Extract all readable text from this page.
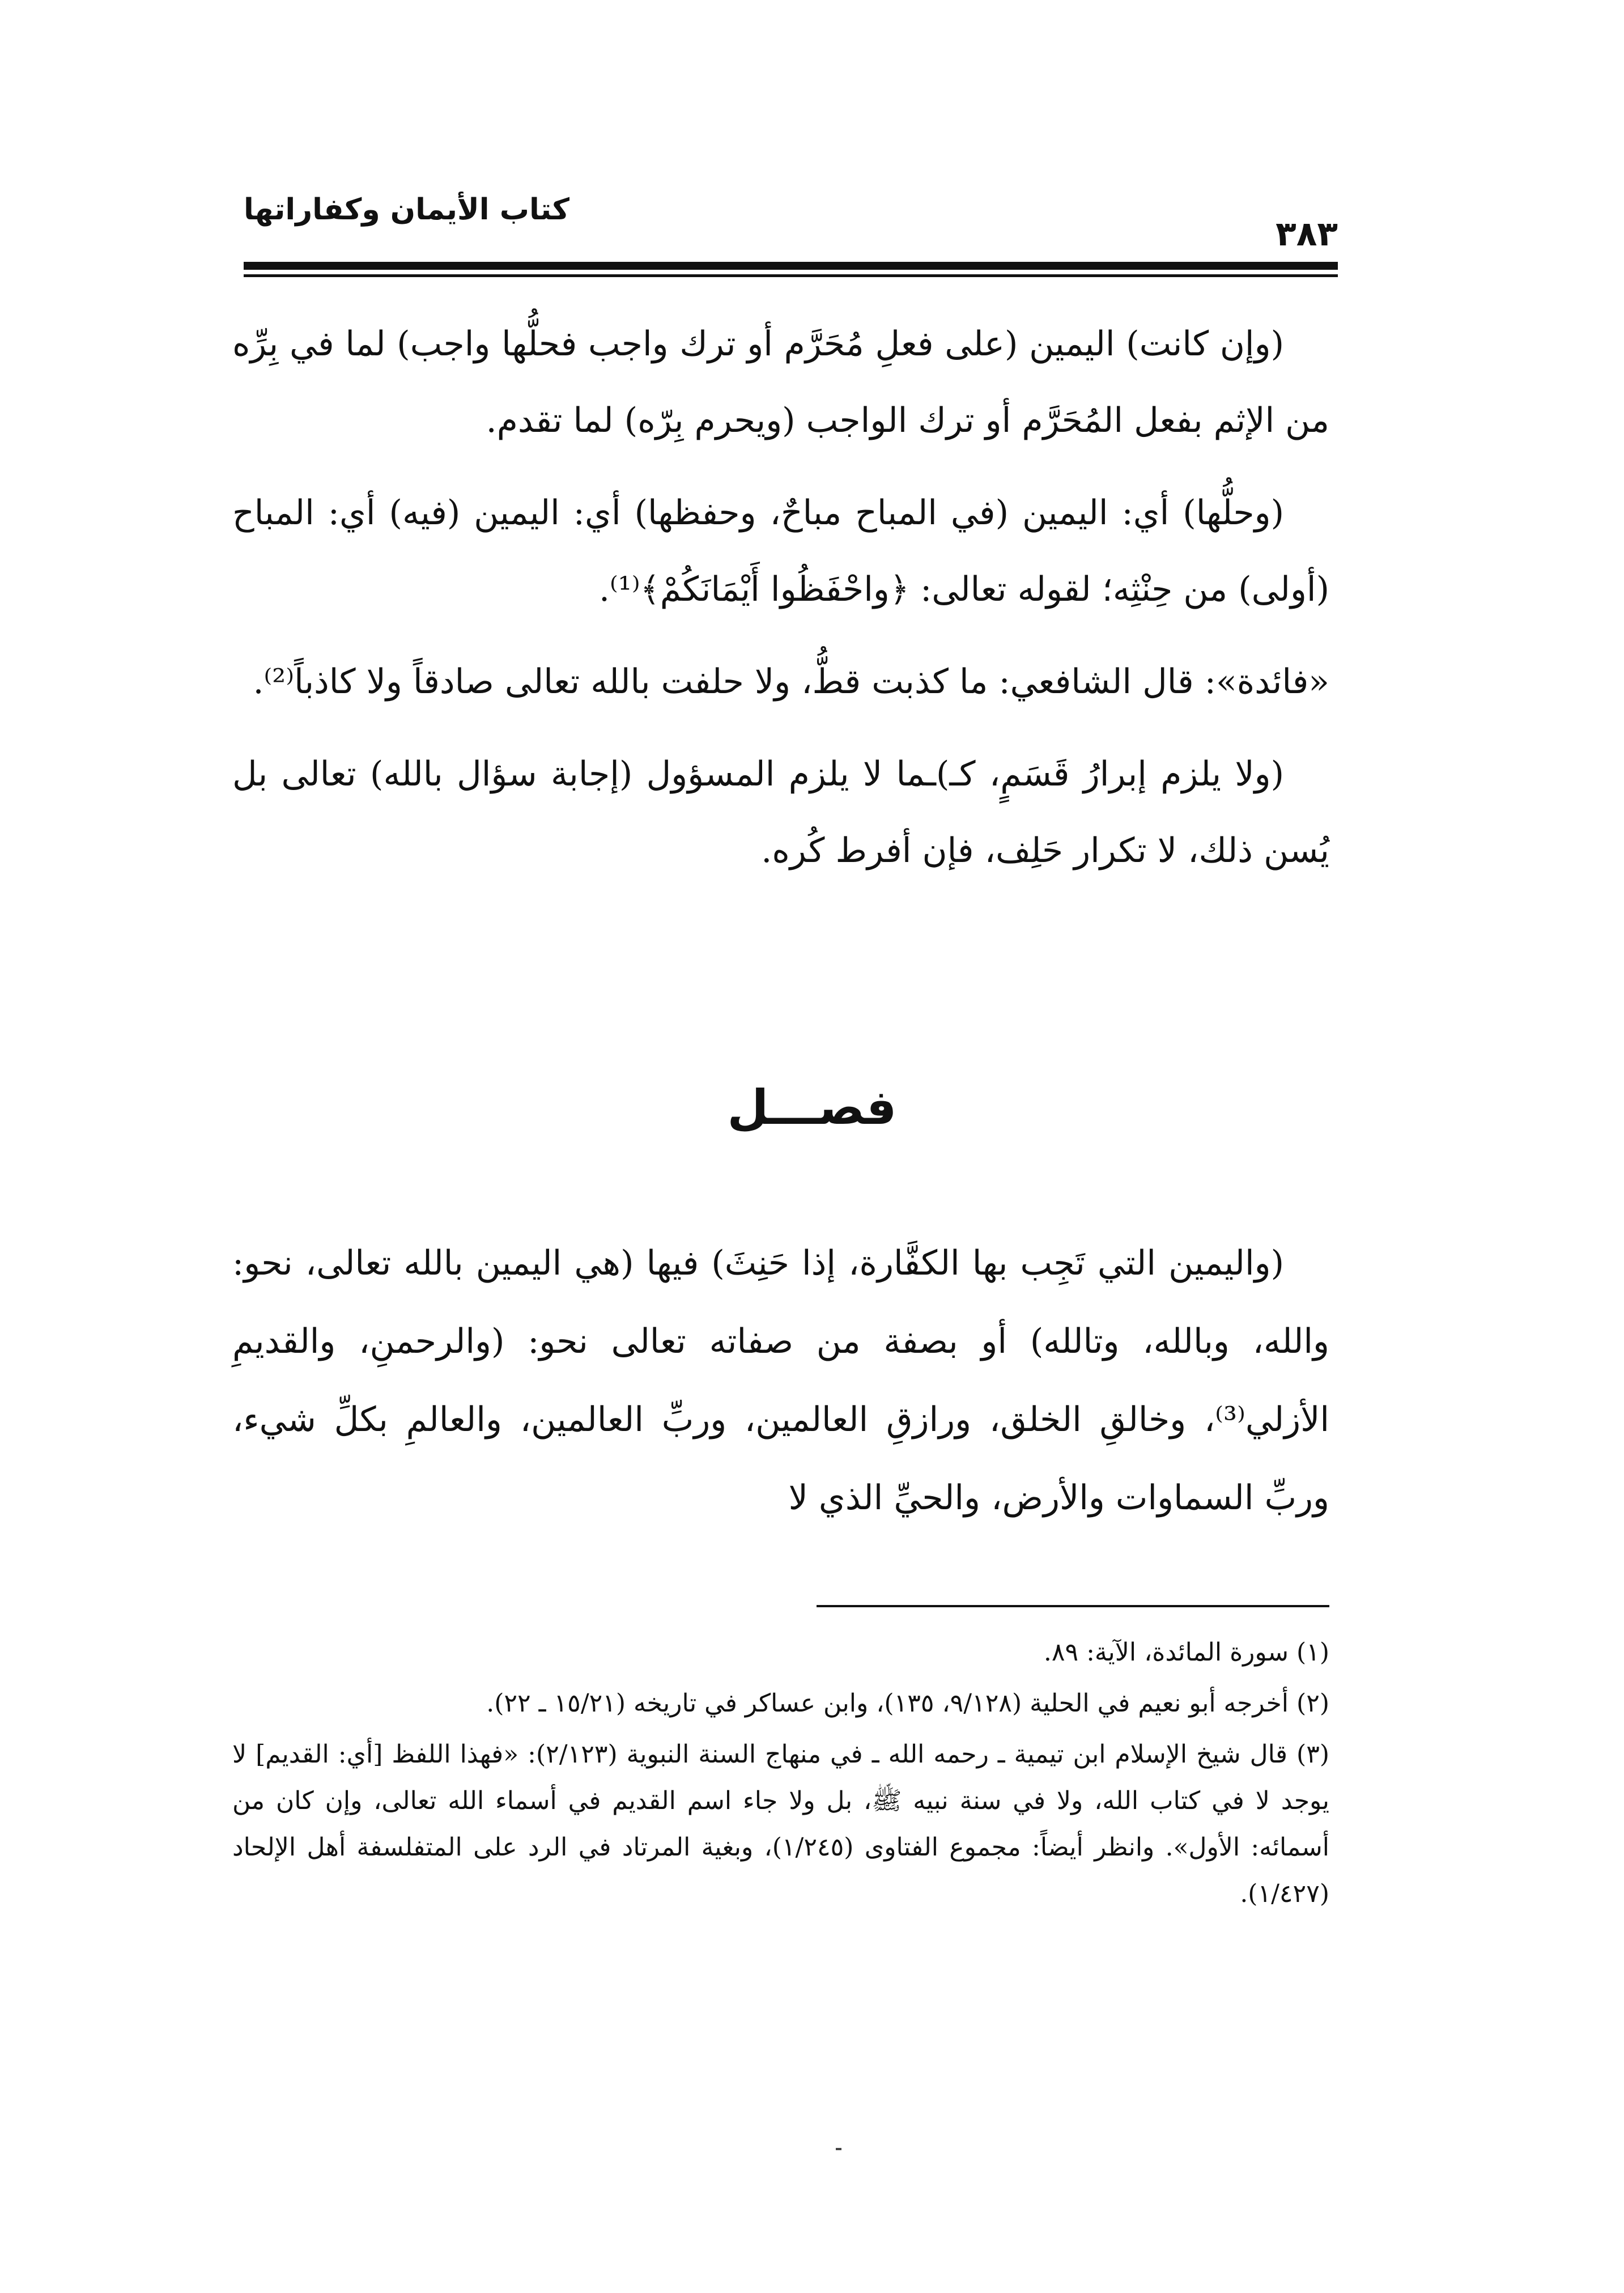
كتاب الأيمان وكفاراتها
٣٨٣

(وإن كانت) اليمين (على فعلِ مُحَرَّم أو ترك واجب فحلُّها واجب) لما في بِرِّه من الإثم بفعل المُحَرَّم أو ترك الواجب (ويحرم بِرّه) لما تقدم.

(وحلُّها) أي: اليمين (في المباح مباحٌ، وحفظها) أي: اليمين (فيه) أي: المباح (أولى) من حِنْثِه؛ لقوله تعالى: ﴿واحْفَظُوا أَيْمَانَكُمْ﴾⁽¹⁾.

«فائدة»: قال الشافعي: ما كذبت قطُّ، ولا حلفت بالله تعالى صادقاً ولا كاذباً⁽²⁾.

(ولا يلزم إبرارُ قَسَمٍ، كـ)ـما لا يلزم المسؤول (إجابة سؤال بالله) تعالى بل يُسن ذلك، لا تكرار حَلِف، فإن أفرط كُره.

فصـــل

(واليمين التي تَجِب بها الكفَّارة، إذا حَنِثَ) فيها (هي اليمين بالله تعالى، نحو: والله، وبالله، وتالله) أو بصفة من صفاته تعالى نحو: (والرحمنِ، والقديمِ الأزلي⁽³⁾، وخالقِ الخلق، ورازقِ العالمين، وربِّ العالمين، والعالمِ بكلِّ شيء، وربِّ السماوات والأرض، والحيِّ الذي لا

(١) سورة المائدة، الآية: ٨٩.

(٢) أخرجه أبو نعيم في الحلية (٩/١٢٨، ١٣٥)، وابن عساكر في تاريخه (١٥/٢١ ـ ٢٢).

(٣) قال شيخ الإسلام ابن تيمية ـ رحمه الله ـ في منهاج السنة النبوية (٢/١٢٣): «فهذا اللفظ [أي: القديم] لا يوجد لا في كتاب الله، ولا في سنة نبيه ﷺ، بل ولا جاء اسم القديم في أسماء الله تعالى، وإن كان من أسمائه: الأول». وانظر أيضاً: مجموع الفتاوى (١/٢٤٥)، وبغية المرتاد في الرد على المتفلسفة أهل الإلحاد (١/٤٢٧).
